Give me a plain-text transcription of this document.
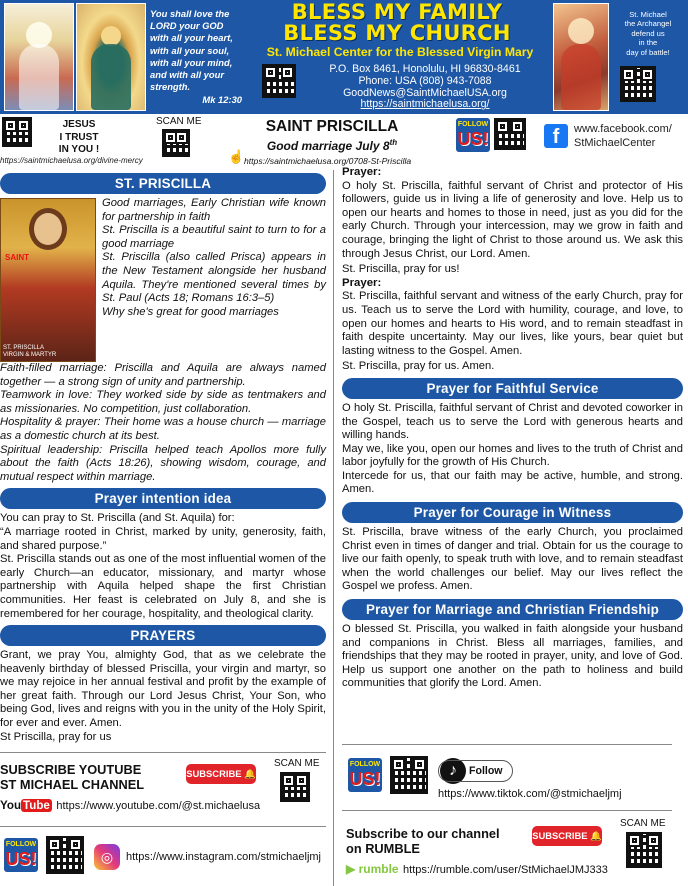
You shall love the
LORD your GOD
with all your heart,
with all your soul,
with all your mind,
and with all your
strength.
Mk 12:30
BLESS MY FAMILY
BLESS MY CHURCH
St. Michael Center for the Blessed Virgin Mary
P.O. Box 8461, Honolulu, HI 96830-8461
Phone: USA (808) 943-7088
GoodNews@SaintMichaelUSA.org
https://saintmichaelusa.org/
St. Michael
the Archangel
defend us
in the
day of battle!
JESUS
I TRUST
IN YOU !
https://saintmichaelusa.org/divine-mercy
SCAN ME
☝
SAINT PRISCILLA
Good marriage July 8th
https://saintmichaelusa.org/0708-St-Priscilla
FOLLOW
US!	f	www.facebook.com/
StMichaelCenter
ST. PRISCILLA
SAINT
ST. PRISCILLA
VIRGIN & MARTYR

Good marriages, Early Christian wife known for partnership in faith

St. Priscilla is a beautiful saint to turn to for a good marriage

St. Priscilla (also called Prisca) appears in the New Testament alongside her husband Aquila. They're mentioned several times by St. Paul (Acts 18; Romans 16:3–5)

Why she's great for good marriages

Faith-filled marriage: Priscilla and Aquila are always named together — a strong sign of unity and partnership.

Teamwork in love: They worked side by side as tentmakers and as missionaries. No competition, just collaboration.

Hospitality & prayer: Their home was a house church — marriage as a domestic church at its best.

Spiritual leadership: Priscilla helped teach Apollos more fully about the faith (Acts 18:26), showing wisdom, courage, and mutual respect within marriage.

Prayer intention idea

You can pray to St. Priscilla (and St. Aquila) for:

“A marriage rooted in Christ, marked by unity, generosity, faith, and shared purpose.”

St. Priscilla stands out as one of the most influential women of the early Church—an educator, missionary, and martyr whose partnership with Aquila helped shape the first Christian communities. Her feast is celebrated on July 8, and she is remembered for her courage, hospitality, and theological clarity.

PRAYERS

Grant, we pray You, almighty God, that as we celebrate the heavenly birthday of blessed Priscilla, your virgin and martyr, so we may rejoice in her annual festival and profit by the example of her great faith. Through our Lord Jesus Christ, Your Son, who being God, lives and reigns with you in the unity of the Holy Spirit, for ever and ever. Amen.

St Priscilla, pray for us

SUBSCRIBE YOUTUBE
ST MICHAEL CHANNEL
SUBSCRIBE 🔔
SCAN ME
You Tube https://www.youtube.com/@st.michaelusa
FOLLOW
US!	◎	https://www.instagram.com/stmichaeljmj
Prayer:

O holy St. Priscilla, faithful servant of Christ and protector of His followers, guide us in living a life of generosity and love. Help us to open our hearts and homes to those in need, just as you did for the early Church. Through your intercession, may we grow in faith and courage, bringing the light of Christ to those around us. We ask this through Jesus Christ, our Lord. Amen.

St. Priscilla, pray for us!

Prayer:

St. Priscilla, faithful servant and witness of the early Church, pray for us. Teach us to serve the Lord with humility, courage, and love, to open our homes and hearts to His word, and to remain steadfast in faith despite uncertainty. May our lives, like yours, bear quiet but lasting witness to the Gospel. Amen.

St. Priscilla, pray for us. Amen.

Prayer for Faithful Service

O holy St. Priscilla, faithful servant of Christ and devoted coworker in the Gospel, teach us to serve the Lord with generous hearts and willing hands.

May we, like you, open our homes and lives to the truth of Christ and labor joyfully for the growth of His Church.

Intercede for us, that our faith may be active, humble, and strong. Amen.

Prayer for Courage in Witness

St. Priscilla, brave witness of the early Church, you proclaimed Christ even in times of danger and trial. Obtain for us the courage to live our faith openly, to speak truth with love, and to remain steadfast when the world challenges our belief. May our lives reflect the Gospel we profess. Amen.

Prayer for Marriage and Christian Friendship

O blessed St. Priscilla, you walked in faith alongside your husband and companions in Christ. Bless all marriages, families, and friendships that they may be rooted in prayer, unity, and love of God. Help us support one another on the path to holiness and build communities that glorify the Lord. Amen.

FOLLOW
US!	♪	Follow
https://www.tiktok.com/@stmichaeljmj
Subscribe to our channel
on RUMBLE
SUBSCRIBE 🔔
SCAN ME
▶ rumble https://rumble.com/user/StMichaelJMJ333
